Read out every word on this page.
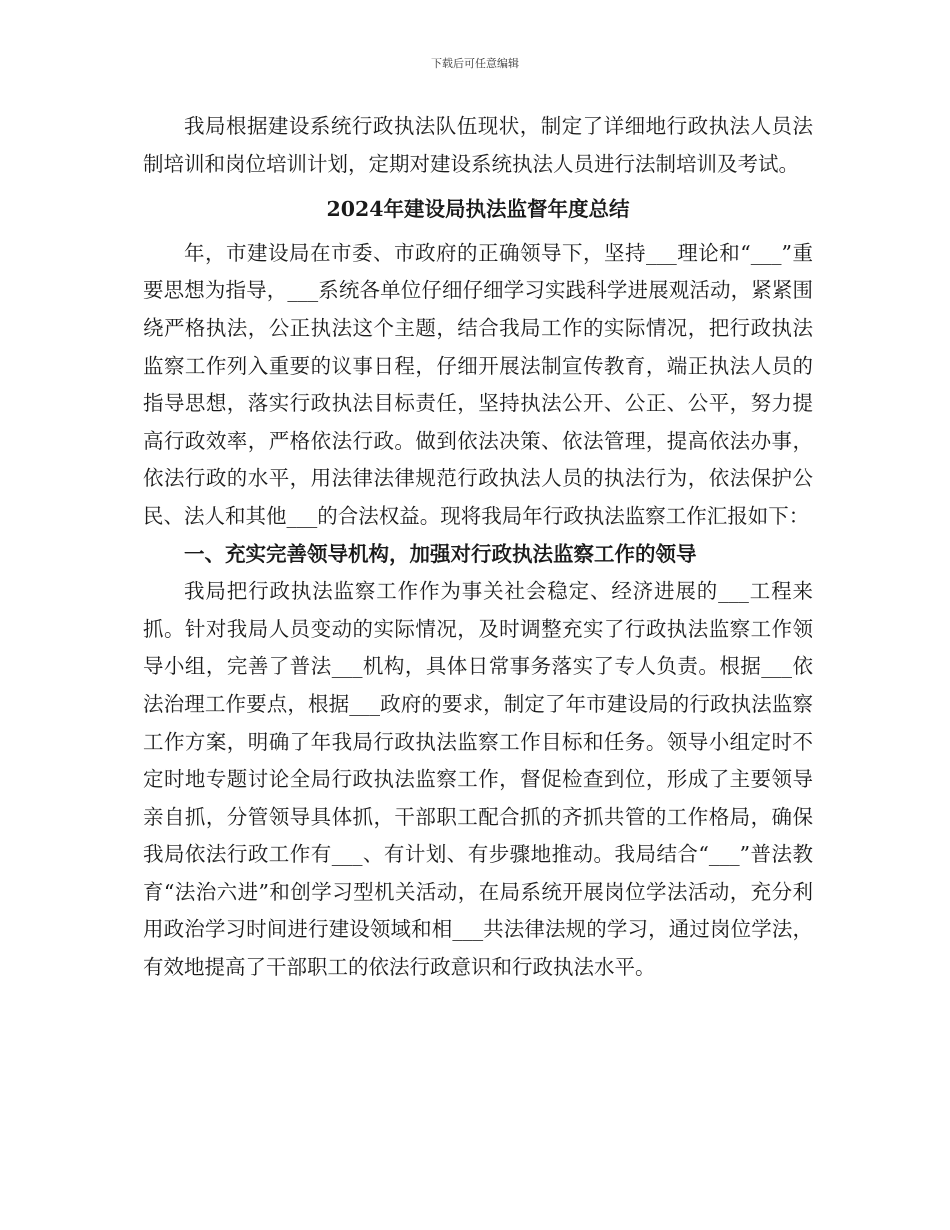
下载后可任意编辑

我局根据建设系统行政执法队伍现状，制定了详细地行政执法人员法制培训和岗位培训计划，定期对建设系统执法人员进行法制培训及考试。

2024年建设局执法监督年度总结

年，市建设局在市委、市政府的正确领导下，坚持___理论和“___”重要思想为指导，___系统各单位仔细仔细学习实践科学进展观活动，紧紧围绕严格执法，公正执法这个主题，结合我局工作的实际情况，把行政执法监察工作列入重要的议事日程，仔细开展法制宣传教育，端正执法人员的指导思想，落实行政执法目标责任，坚持执法公开、公正、公平，努力提高行政效率，严格依法行政。做到依法决策、依法管理，提高依法办事，依法行政的水平，用法律法律规范行政执法人员的执法行为，依法保护公民、法人和其他___的合法权益。现将我局年行政执法监察工作汇报如下：

一、充实完善领导机构，加强对行政执法监察工作的领导

我局把行政执法监察工作作为事关社会稳定、经济进展的___工程来抓。针对我局人员变动的实际情况，及时调整充实了行政执法监察工作领导小组，完善了普法___机构，具体日常事务落实了专人负责。根据___依法治理工作要点，根据___政府的要求，制定了年市建设局的行政执法监察工作方案，明确了年我局行政执法监察工作目标和任务。领导小组定时不定时地专题讨论全局行政执法监察工作，督促检查到位，形成了主要领导亲自抓，分管领导具体抓，干部职工配合抓的齐抓共管的工作格局，确保我局依法行政工作有___、有计划、有步骤地推动。我局结合“___”普法教育“法治六进”和创学习型机关活动，在局系统开展岗位学法活动，充分利用政治学习时间进行建设领域和相___共法律法规的学习，通过岗位学法，有效地提高了干部职工的依法行政意识和行政执法水平。
